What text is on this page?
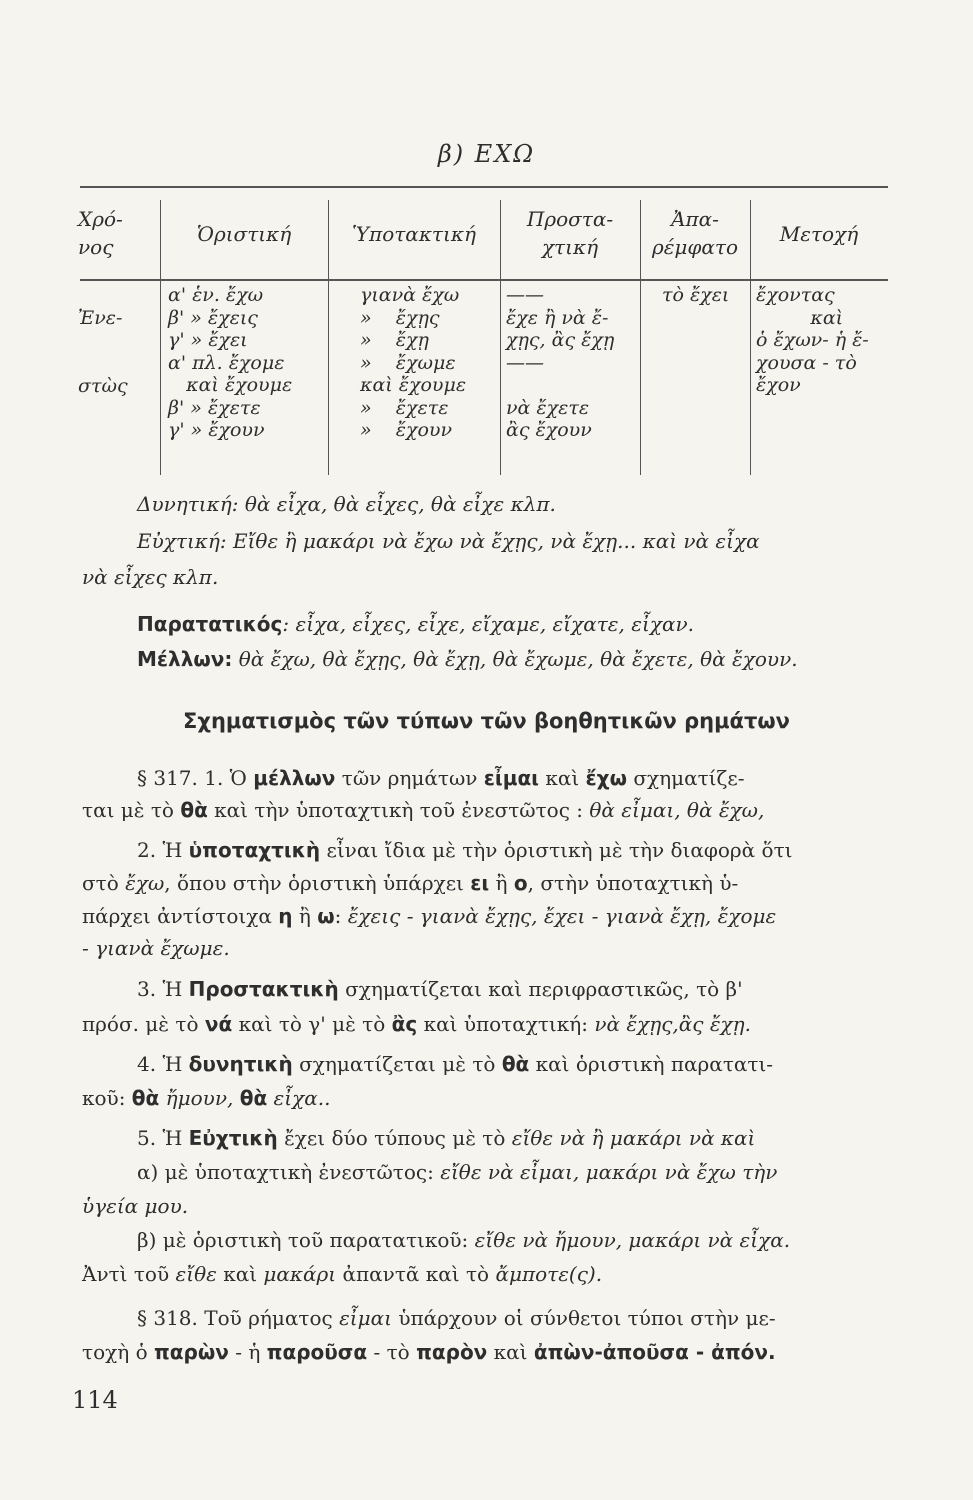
β) ΕΧΩ
Χρό-
νος
Ὁριστική	Ὑποτακτική
Προστα-
χτική
Ἀπα-
ρέμφατο
Μετοχή
Ἐνε-

στὼς
α' ἑν. ἔχω
β' » ἔχεις
γ' » ἔχει
α' πλ. ἔχομε
καὶ ἔχουμε
β' » ἔχετε
γ' » ἔχουν
γιανὰ ἔχω
»    ἔχῃς
»    ἔχῃ
»    ἔχωμε
καὶ ἔχουμε
»    ἔχετε
»    ἔχουν
——
ἔχε ἢ νὰ ἔ-
χῃς, ἂς ἔχῃ
——

νὰ ἔχετε
ἂς ἔχουν
τὸ ἔχει ἔχοντας
καὶ
ὁ ἔχων- ἡ ἔ-
χουσα - τὸ
ἔχον
Δυνητική: θὰ εἶχα, θὰ εἶχες, θὰ εἶχε κλπ.
Εὐχτική: Εἴθε ἢ μακάρι νὰ ἔχω νὰ ἔχῃς, νὰ ἔχῃ... καὶ νὰ εἶχα
νὰ εἶχες κλπ.
Παρατατικός: εἶχα, εἶχες, εἶχε, εἴχαμε, εἴχατε, εἶχαν.
Μέλλων: θὰ ἔχω, θὰ ἔχῃς, θὰ ἔχῃ, θὰ ἔχωμε, θὰ ἔχετε, θὰ ἔχουν.
Σχηματισμὸς τῶν τύπων τῶν βοηθητικῶν ρημάτων
§ 317. 1. Ὁ μέλλων τῶν ρημάτων εἶμαι καὶ ἔχω σχηματίζε-
ται μὲ τὸ θὰ καὶ τὴν ὑποταχτικὴ τοῦ ἐνεστῶτος : θὰ εἶμαι, θὰ ἔχω,
2. Ἡ ὑποταχτικὴ εἶναι ἴδια μὲ τὴν ὁριστικὴ μὲ τὴν διαφορὰ ὅτι
στὸ ἔχω, ὅπου στὴν ὁριστικὴ ὑπάρχει ει ἢ ο, στὴν ὑποταχτικὴ ὑ-
πάρχει ἀντίστοιχα η ἢ ω: ἔχεις - γιανὰ ἔχῃς, ἔχει - γιανὰ ἔχῃ, ἔχομε
- γιανὰ ἔχωμε.
3. Ἡ Προστακτικὴ σχηματίζεται καὶ περιφραστικῶς, τὸ β'
πρόσ. μὲ τὸ νά καὶ τὸ γ' μὲ τὸ ἂς καὶ ὑποταχτική: νὰ ἔχῃς,ἂς ἔχῃ.
4. Ἡ δυνητικὴ σχηματίζεται μὲ τὸ θὰ καὶ ὁριστικὴ παρατατι-
κοῦ: θὰ ἤμουν, θὰ εἶχα..
5. Ἡ Εὐχτικὴ ἔχει δύο τύπους μὲ τὸ εἴθε νὰ ἢ μακάρι νὰ καὶ
α) μὲ ὑποταχτικὴ ἐνεστῶτος: εἴθε νὰ εἶμαι, μακάρι νὰ ἔχω τὴν
ὑγεία μου.
β) μὲ ὁριστικὴ τοῦ παρατατικοῦ: εἴθε νὰ ἤμουν, μακάρι νὰ εἶχα.
Ἀντὶ τοῦ εἴθε καὶ μακάρι ἀπαντᾶ καὶ τὸ ἄμποτε(ς).
§ 318. Τοῦ ρήματος εἶμαι ὑπάρχουν οἱ σύνθετοι τύποι στὴν με-
τοχὴ ὁ παρὼν - ἡ παροῦσα - τὸ παρὸν καὶ ἀπὼν-ἀποῦσα - ἀπόν.
114
